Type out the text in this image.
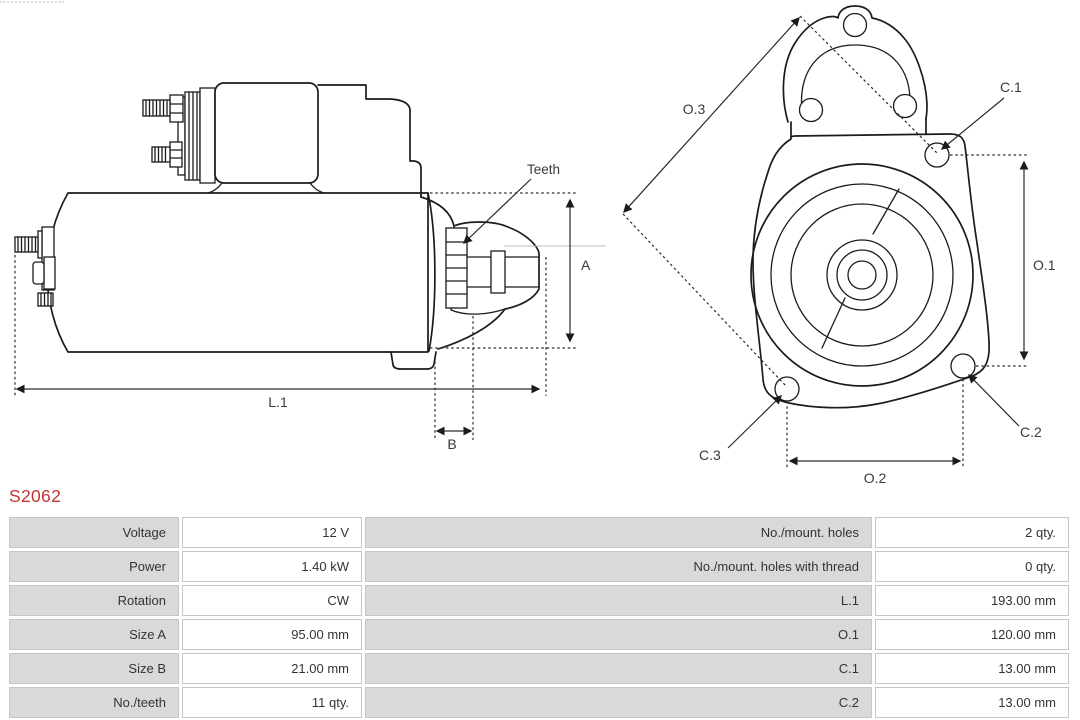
A
L.1
B
Teeth
O.3
C.1
O.1
O.2
C.2
C.3
S2062
Voltage	12 V	No./mount. holes	2 qty.
Power	1.40 kW	No./mount. holes with thread	0 qty.
Rotation	CW	L.1	193.00 mm
Size A	95.00 mm	O.1	120.00 mm
Size B	21.00 mm	C.1	13.00 mm
No./teeth	11 qty.	C.2	13.00 mm
